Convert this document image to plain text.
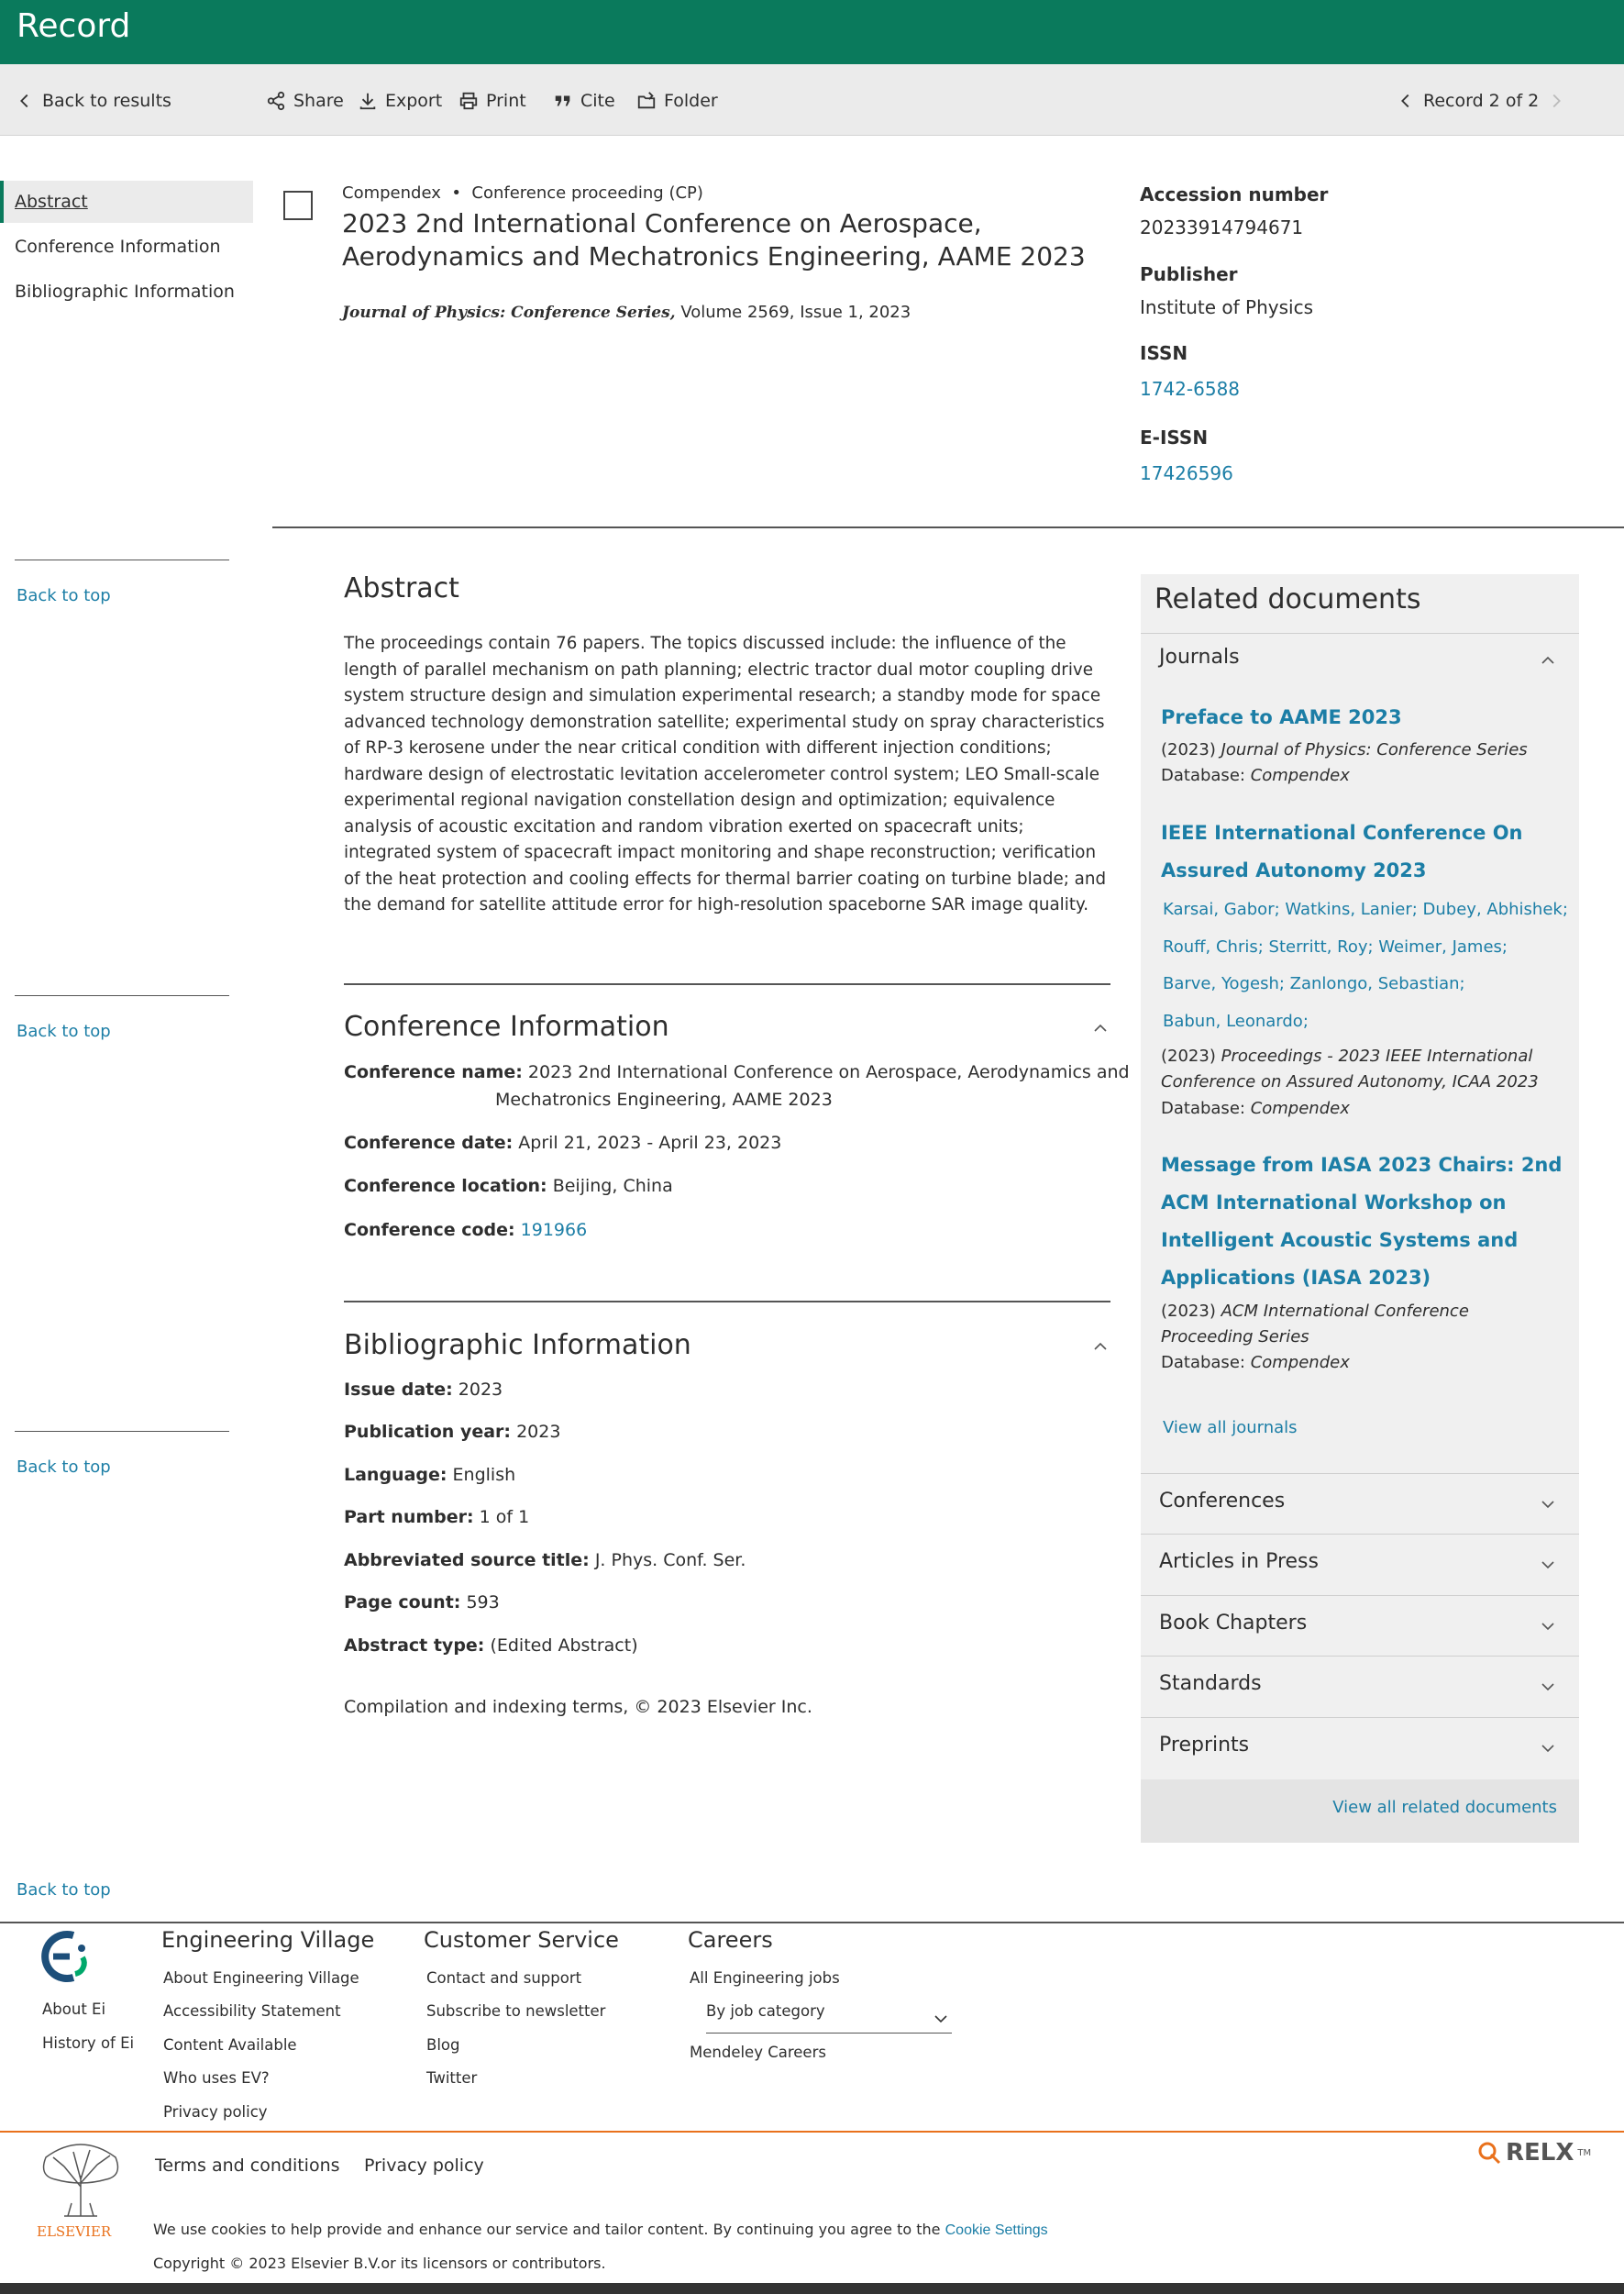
Record
Back to results	Share Export	Print	Cite	Folder	Record 2 of 2
Abstract
Conference Information
Bibliographic Information
Back to top
Back to top
Back to top
Back to top
Compendex  •  Conference proceeding (CP)
2023 2nd International Conference on Aerospace, Aerodynamics and Mechatronics Engineering, AAME 2023
Journal of Physics: Conference Series, Volume 2569, Issue 1, 2023
Accession number
20233914794671
Publisher
Institute of Physics
ISSN
1742-6588
E-ISSN
17426596
Abstract
The proceedings contain 76 papers. The topics discussed include: the influence of the length of parallel mechanism on path planning; electric tractor dual motor coupling drive system structure design and simulation experimental research; a standby mode for space advanced technology demonstration satellite; experimental study on spray characteristics of RP-3 kerosene under the near critical condition with different injection conditions; hardware design of electrostatic levitation accelerometer control system; LEO Small-scale experimental regional navigation constellation design and optimization; equivalence analysis of acoustic excitation and random vibration exerted on spacecraft units; integrated system of spacecraft impact monitoring and shape reconstruction; verification of the heat protection and cooling effects for thermal barrier coating on turbine blade; and the demand for satellite attitude error for high-resolution spaceborne SAR image quality.
Conference Information
Conference name: 2023 2nd International Conference on Aerospace, Aerodynamics and
Mechatronics Engineering, AAME 2023
Conference date: April 21, 2023 - April 23, 2023
Conference location: Beijing, China
Conference code: 191966
Bibliographic Information
Issue date: 2023
Publication year: 2023
Language: English
Part number: 1 of 1
Abbreviated source title: J. Phys. Conf. Ser.
Page count: 593
Abstract type: (Edited Abstract)
Compilation and indexing terms, © 2023 Elsevier Inc.
Related documents
Journals
Preface to AAME 2023
(2023) Journal of Physics: Conference Series
Database: Compendex
IEEE International Conference On Assured Autonomy 2023
Karsai, Gabor; Watkins, Lanier; Dubey, Abhishek;
Rouff, Chris; Sterritt, Roy; Weimer, James;
Barve, Yogesh; Zanlongo, Sebastian;
Babun, Leonardo;
(2023) Proceedings - 2023 IEEE International Conference on Assured Autonomy, ICAA 2023
Database: Compendex
Message from IASA 2023 Chairs: 2nd ACM International Workshop on Intelligent Acoustic Systems and Applications (IASA 2023)
(2023) ACM International Conference Proceeding Series
Database: Compendex
View all journals
Conferences
Articles in Press
Book Chapters
Standards
Preprints
View all related documents
About Ei
History of Ei
Engineering Village
About Engineering Village
Accessibility Statement
Content Available
Who uses EV?
Privacy policy
Customer Service
Contact and support
Subscribe to newsletter
Blog
Twitter
Careers
All Engineering jobs
By job category
Mendeley Careers
ELSEVIER
Terms and conditions Privacy policy	RELX TM
We use cookies to help provide and enhance our service and tailor content. By continuing you agree to the Cookie Settings
Copyright © 2023 Elsevier B.V.or its licensors or contributors.
